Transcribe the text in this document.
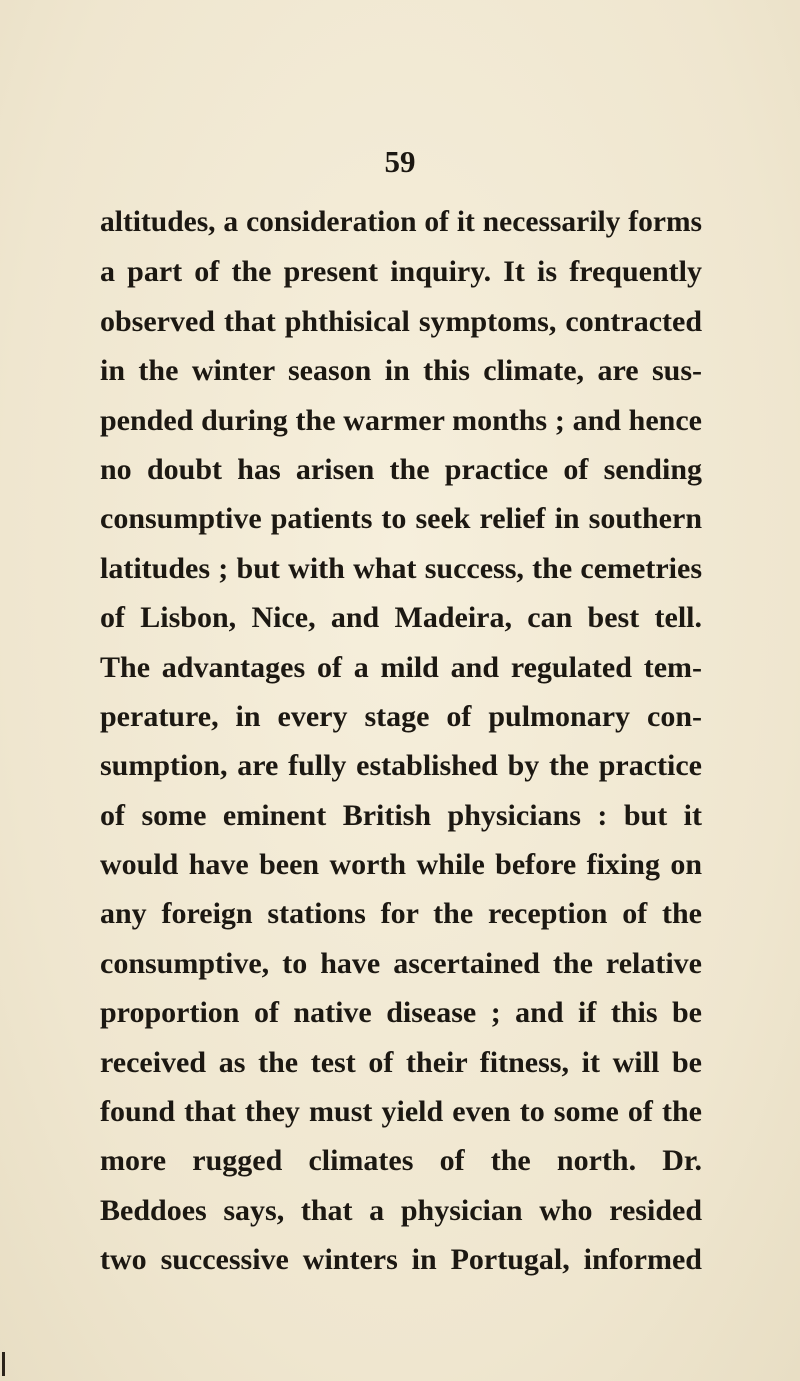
59
altitudes, a consideration of it necessarily forms
a part of the present inquiry. It is frequently
observed that phthisical symptoms, contracted
in the winter season in this climate, are sus-
pended during the warmer months ; and hence
no doubt has arisen the practice of sending
consumptive patients to seek relief in southern
latitudes ; but with what success, the cemetries
of Lisbon, Nice, and Madeira, can best tell.
The advantages of a mild and regulated tem-
perature, in every stage of pulmonary con-
sumption, are fully established by the practice
of some eminent British physicians : but it
would have been worth while before fixing on
any foreign stations for the reception of the
consumptive, to have ascertained the relative
proportion of native disease ; and if this be
received as the test of their fitness, it will be
found that they must yield even to some of the
more rugged climates of the north. Dr.
Beddoes says, that a physician who resided
two successive winters in Portugal, informed
